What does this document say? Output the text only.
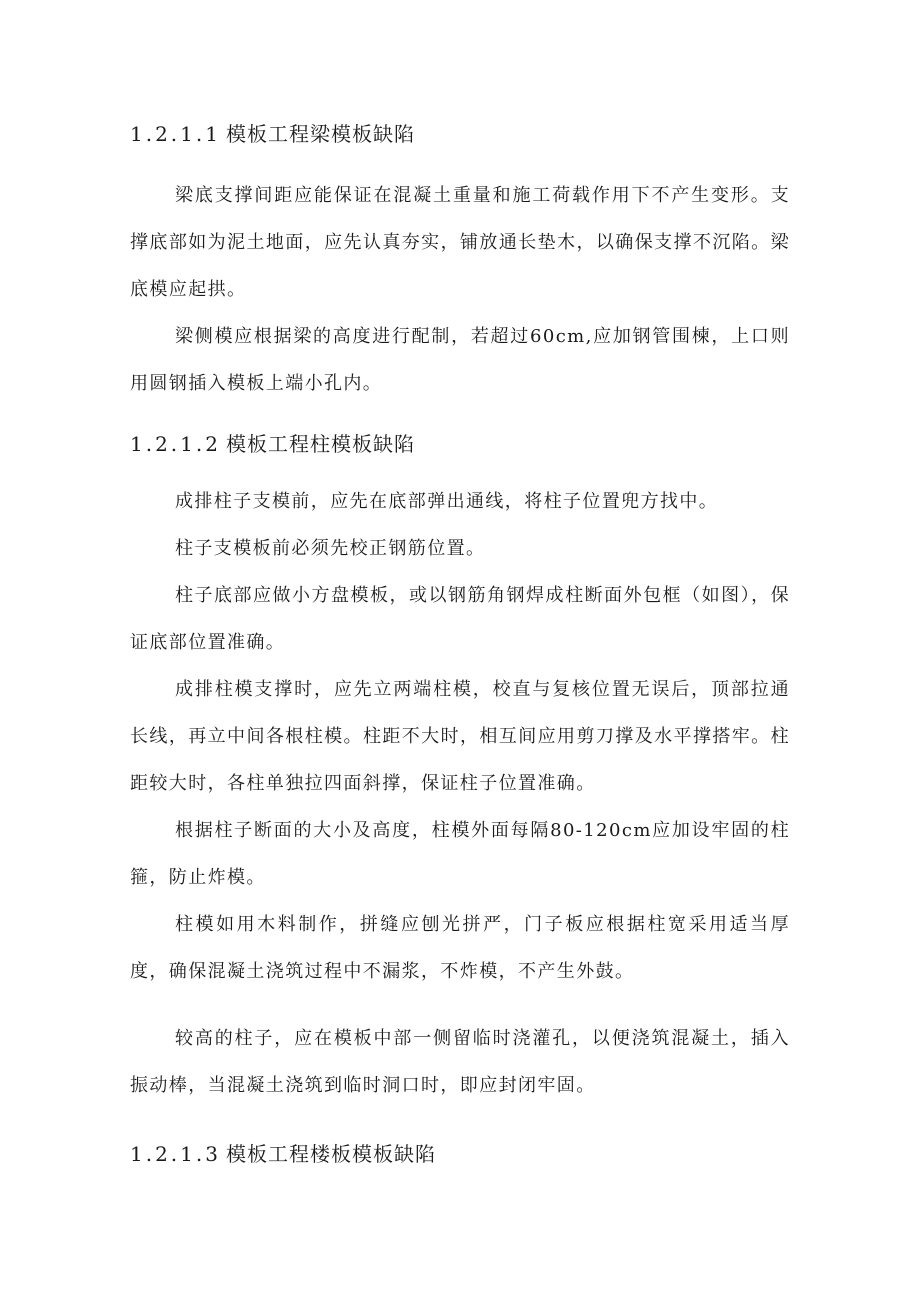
1.2.1.1 模板工程梁模板缺陷
梁底支撑间距应能保证在混凝土重量和施工荷载作用下不产生变形。支撑底部如为泥土地面，应先认真夯实，铺放通长垫木，以确保支撑不沉陷。梁底模应起拱。
梁侧模应根据梁的高度进行配制，若超过60cm,应加钢管围楝，上口则用圆钢插入模板上端小孔内。
1.2.1.2 模板工程柱模板缺陷
成排柱子支模前，应先在底部弹出通线，将柱子位置兜方找中。
柱子支模板前必须先校正钢筋位置。
柱子底部应做小方盘模板，或以钢筋角钢焊成柱断面外包框（如图），保证底部位置准确。
成排柱模支撑时，应先立两端柱模，校直与复核位置无误后，顶部拉通长线，再立中间各根柱模。柱距不大时，相互间应用剪刀撑及水平撑搭牢。柱距较大时，各柱单独拉四面斜撑，保证柱子位置准确。
根据柱子断面的大小及高度，柱模外面每隔80-120cm应加设牢固的柱箍，防止炸模。
柱模如用木料制作，拼缝应刨光拼严，门子板应根据柱宽采用适当厚度，确保混凝土浇筑过程中不漏浆，不炸模，不产生外鼓。
较高的柱子，应在模板中部一侧留临时浇灌孔，以便浇筑混凝土，插入振动棒，当混凝土浇筑到临时洞口时，即应封闭牢固。
1.2.1.3 模板工程楼板模板缺陷
